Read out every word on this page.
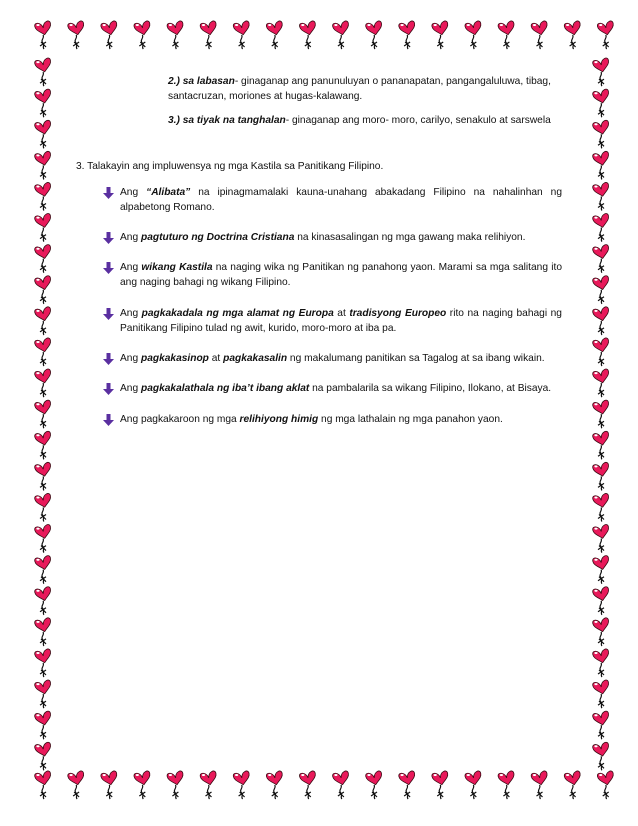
2.) sa labasan- ginaganap ang panunuluyan o pananapatan, pangangaluluwa, tibag, santacruzan, moriones at hugas-kalawang.
3.) sa tiyak na tanghalan- ginaganap ang moro- moro, carilyo, senakulo at sarswela
3. Talakayin ang impluwensya ng mga Kastila sa Panitikang Filipino.
Ang “Alibata” na ipinagmamalaki kauna-unahang abakadang Filipino na nahalinhan ng alpabetong Romano.
Ang pagtuturo ng Doctrina Cristiana na kinasasalingan ng mga gawang maka relihiyon.
Ang wikang Kastila na naging wika ng Panitikan ng panahong yaon. Marami sa mga salitang ito ang naging bahagi ng wikang Filipino.
Ang pagkakadala ng mga alamat ng Europa at tradisyong Europeo rito na naging bahagi ng Panitikang Filipino tulad ng awit, kurido, moro-moro at iba pa.
Ang pagkakasinop at pagkakasalin ng makalumang panitikan sa Tagalog at sa ibang wikain.
Ang pagkakalathala ng iba’t ibang aklat na pambalarila sa wikang Filipino, Ilokano, at Bisaya.
Ang pagkakaroon ng mga relihiyong himig ng mga lathalain ng mga panahon yaon.
